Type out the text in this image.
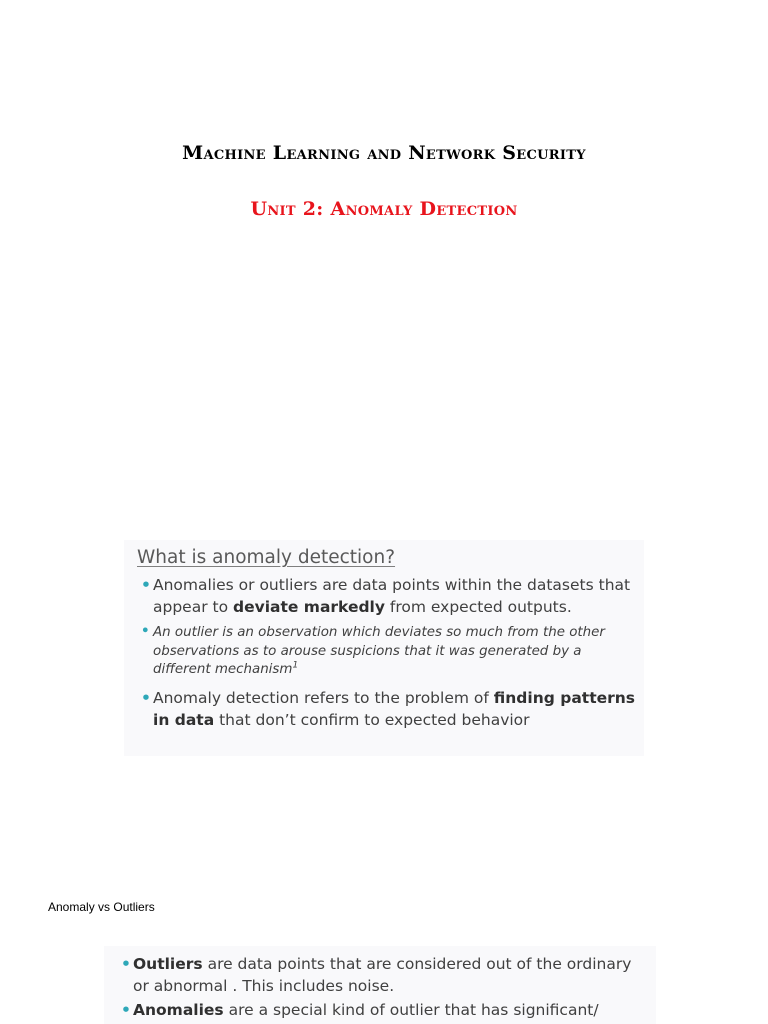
Machine Learning and Network Security
Unit 2: Anomaly Detection
What is anomaly detection?
• Anomalies or outliers are data points within the datasets that appear to deviate markedly from expected outputs.
• An outlier is an observation which deviates so much from the other observations as to arouse suspicions that it was generated by a different mechanism$^1$
• Anomaly detection refers to the problem of finding patterns in data that don’t confirm to expected behavior
Anomaly vs Outliers
• Outliers are data points that are considered out of the ordinary or abnormal . This includes noise.
• Anomalies are a special kind of outlier that has significant/
